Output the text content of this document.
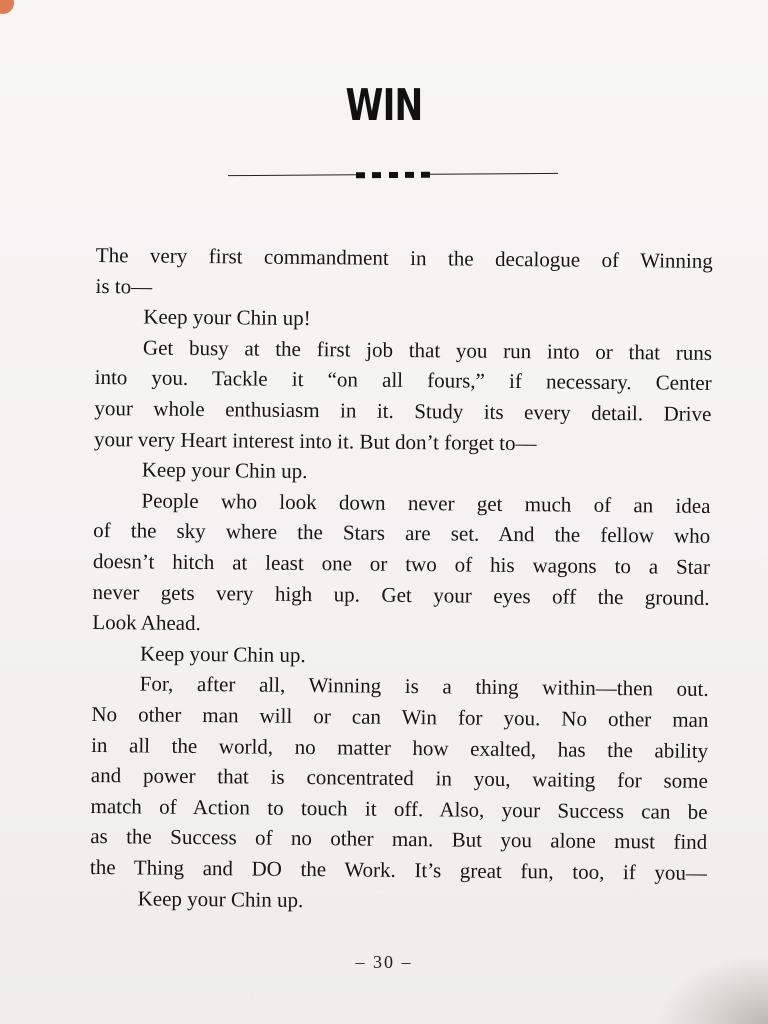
WIN
The very first commandment in the decalogue of Winning
is to—
Keep your Chin up!
Get busy at the first job that you run into or that runs
into you. Tackle it “on all fours,” if necessary. Center
your whole enthusiasm in it. Study its every detail. Drive
your very Heart interest into it. But don’t forget to—
Keep your Chin up.
People who look down never get much of an idea
of the sky where the Stars are set. And the fellow who
doesn’t hitch at least one or two of his wagons to a Star
never gets very high up. Get your eyes off the ground.
Look Ahead.
Keep your Chin up.
For, after all, Winning is a thing within—then out.
No other man will or can Win for you. No other man
in all the world, no matter how exalted, has the ability
and power that is concentrated in you, waiting for some
match of Action to touch it off. Also, your Success can be
as the Success of no other man. But you alone must find
the Thing and DO the Work. It’s great fun, too, if you—
Keep your Chin up.
– 30 –
